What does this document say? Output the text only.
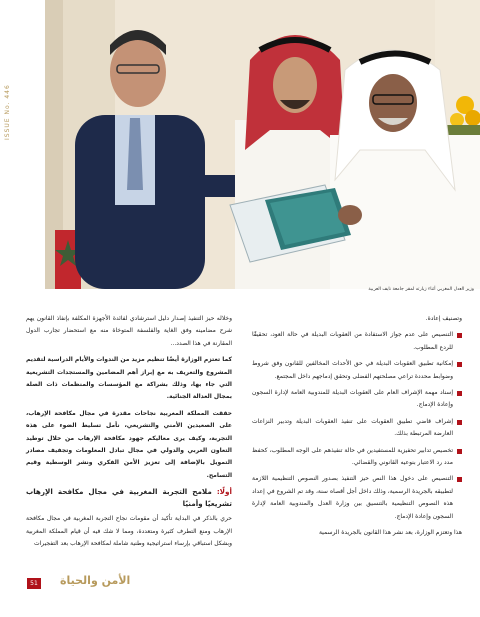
ISSUE No. 446
وزير العدل المغربي أثناء زيارته لمقر جامعة نايف العربية

وخلاله حيز التنفيذ إصدار دليل استرشادي لفائدة الأجهزة المكلفة بإنفاذ القانون يهم شرح مضامينه وفق الغاية والفلسفة المتوخاة منه مع استحضار تجارب الدول المقارنة في هذا الصدد...

كما تعتزم الوزارة أيضًا تنظيم مزيد من الندوات والأيام الدراسية لتقديم المشروع والتعريف به مع إبراز أهم المضامين والمستجدات التشريعية التي جاء بها، وذلك بشراكة مع المؤسسات والمنظمات ذات الصلة بمجال العدالة الجنائية.

حققت المملكة المغربية نجاحات مقدرة في مجال مكافحة الإرهاب، على الصعيدين الأمني والتشريعي، نأمل تسليط الضوء على هذه التجربة، وكيف يرى معاليكم جهود مكافحة الإرهاب من خلال توطيد التعاون العربي والدولي في مجال تبادل المعلومات وتجفيف مصادر التمويل بالإضافة إلى تعزيز الأمن الفكري ونشر الوسطية وقيم التسامح.

أولًا: ملامح التجربة المغربية في مجال مكافحة الإرهاب تشريعيًا وأمنيًا

حري بالذكر في البداية تأكيد أن مقومات نجاح التجربة المغربية في مجال مكافحة الإرهاب ومنع التطرف كثيرة ومتعددة، ومما لا شك فيه أن قيام المملكة المغربية وبشكل استباقي بإرساء استراتيجية وطنية شاملة لمكافحة الإرهاب بعد التفجيرات

وتصنيف إعادة.

التنصيص على عدم جواز الاستفادة من العقوبات البديلة في حالة العود، تحقيقًا للردع المطلوب.
إمكانية تطبيق العقوبات البديلة في حق الأحداث المخالفين للقانون وفق شروط وضوابط محددة تراعي مصلحتهم الفضلى وتحقق إدماجهم داخل المجتمع.
إسناد مهمة الإشراف العام على العقوبات البديلة للمندوبية العامة لإدارة السجون وإعادة الإدماج.
إشراف قاضي تطبيق العقوبات على تنفيذ العقوبات البديلة وتدبير النزاعات العارضة المرتبطة بذلك.
تخصيص تدابير تحفيزية للمستفيدين في حالة تنفيذهم على الوجه المطلوب، كحفظ مدد رد الاعتبار بنوعيه القانوني والقضائي.
التنصيص على دخول هذا النص حيز التنفيذ بصدور النصوص التنظيمية اللازمة لتطبيقه بالجريدة الرسمية، وذلك داخل أجل أقصاه سنة، وقد تم الشروع في إعداد هذه النصوص التنظيمية بالتنسيق بين وزارة العدل والمندوبية العامة لإدارة السجون وإعادة الإدماج.

هذا وتعتزم الوزارة، بعد نشر هذا القانون بالجريدة الرسمية

الأمن والحياة
51
